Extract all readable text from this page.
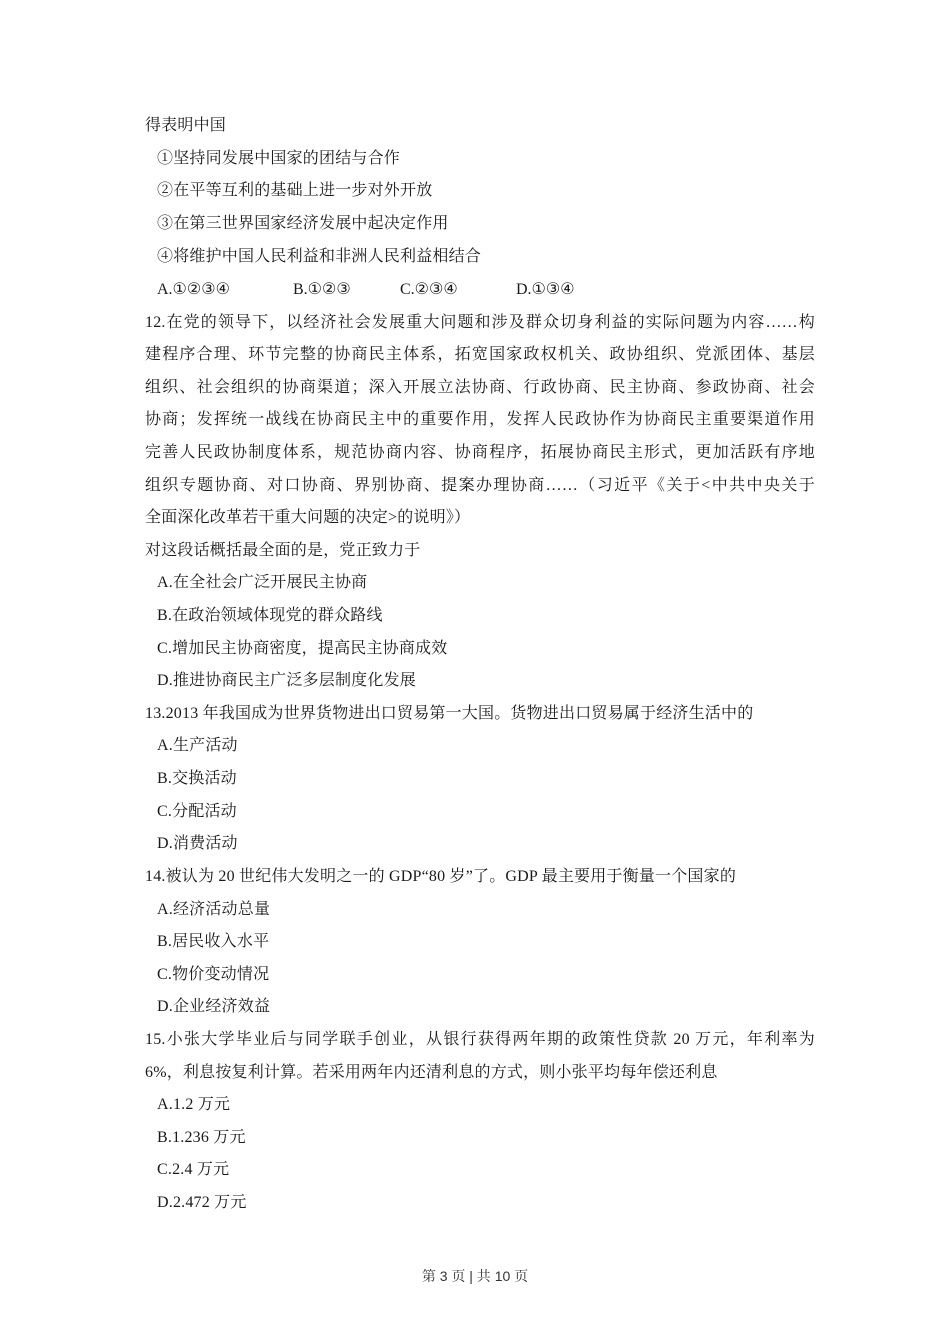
得表明中国
①坚持同发展中国家的团结与合作
②在平等互利的基础上进一步对外开放
③在第三世界国家经济发展中起决定作用
④将维护中国人民利益和非洲人民利益相结合
A.①②③④	B.①②③	C.②③④	D.①③④
12.在党的领导下，以经济社会发展重大问题和涉及群众切身利益的实际问题为内容……构
建程序合理、环节完整的协商民主体系，拓宽国家政权机关、政协组织、党派团体、基层
组织、社会组织的协商渠道；深入开展立法协商、行政协商、民主协商、参政协商、社会
协商；发挥统一战线在协商民主中的重要作用，发挥人民政协作为协商民主重要渠道作用
完善人民政协制度体系，规范协商内容、协商程序，拓展协商民主形式，更加活跃有序地
组织专题协商、对口协商、界别协商、提案办理协商……（习近平《关于<中共中央关于
全面深化改革若干重大问题的决定>的说明》）
对这段话概括最全面的是，党正致力于
A.在全社会广泛开展民主协商
B.在政治领域体现党的群众路线
C.增加民主协商密度，提高民主协商成效
D.推进协商民主广泛多层制度化发展
13.2013 年我国成为世界货物进出口贸易第一大国。货物进出口贸易属于经济生活中的
A.生产活动
B.交换活动
C.分配活动
D.消费活动
14.被认为 20 世纪伟大发明之一的 GDP“80 岁”了。GDP 最主要用于衡量一个国家的
A.经济活动总量
B.居民收入水平
C.物价变动情况
D.企业经济效益
15.小张大学毕业后与同学联手创业，从银行获得两年期的政策性贷款 20 万元，年利率为
6%，利息按复利计算。若采用两年内还清利息的方式，则小张平均每年偿还利息
A.1.2 万元
B.1.236 万元
C.2.4 万元
D.2.472 万元
第 3 页 | 共 10 页
